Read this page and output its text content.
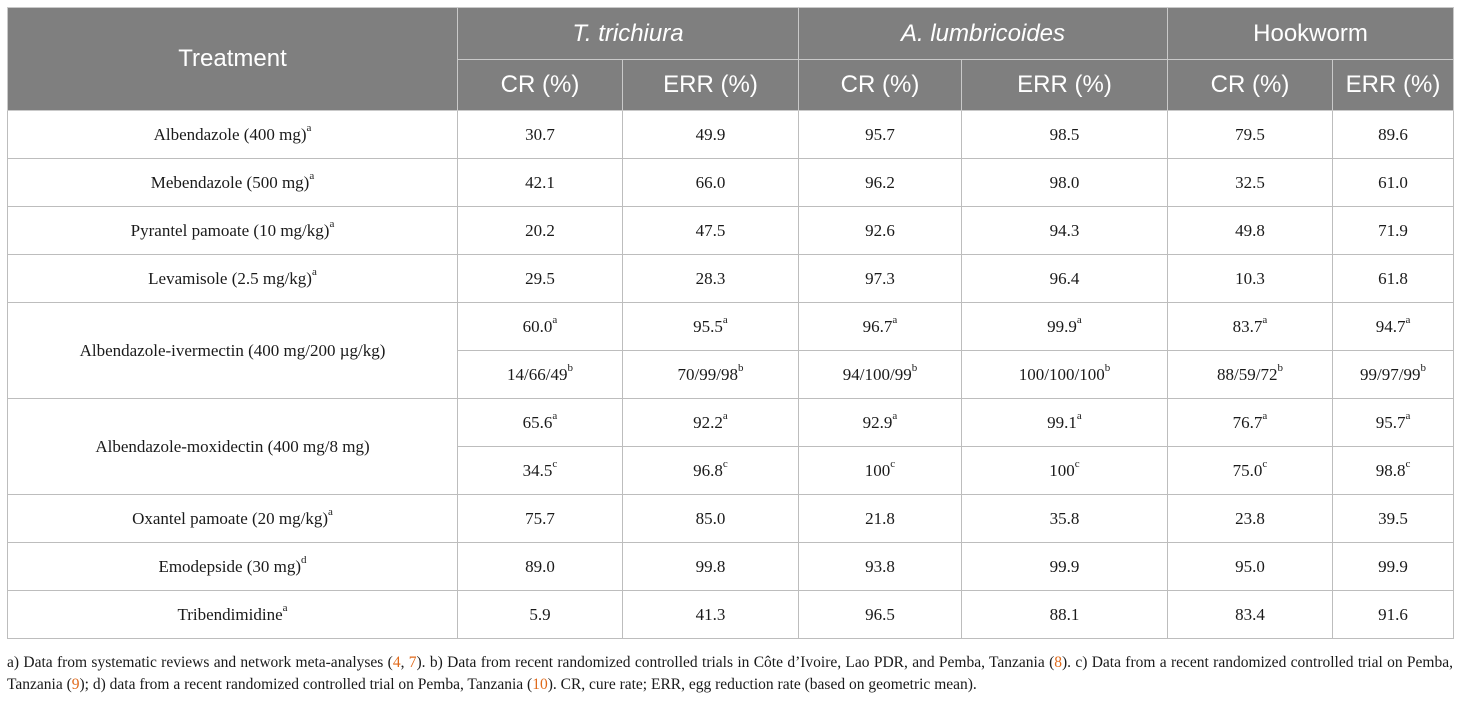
Treatment	T. trichiura		A. lumbricoides		Hookworm	
	CR (%)	ERR (%)	CR (%)	ERR (%)	CR (%)	ERR (%)
Albendazole (400 mg)$^a$	30.7	49.9	95.7	98.5	79.5	89.6
Mebendazole (500 mg)$^a$	42.1	66.0	96.2	98.0	32.5	61.0
Pyrantel pamoate (10 mg/kg)$^a$	20.2	47.5	92.6	94.3	49.8	71.9
Levamisole (2.5 mg/kg)$^a$	29.5	28.3	97.3	96.4	10.3	61.8
Albendazole-ivermectin (400 mg/200 µg/kg)	60.0$^a$	95.5$^a$	96.7$^a$	99.9$^a$	83.7$^a$	94.7$^a$
	14/66/49$^b$	70/99/98$^b$	94/100/99$^b$	100/100/100$^b$	88/59/72$^b$	99/97/99$^b$
Albendazole-moxidectin (400 mg/8 mg)	65.6$^a$	92.2$^a$	92.9$^a$	99.1$^a$	76.7$^a$	95.7$^a$
	34.5$^c$	96.8$^c$	100$^c$	100$^c$	75.0$^c$	98.8$^c$
Oxantel pamoate (20 mg/kg)$^a$	75.7	85.0	21.8	35.8	23.8	39.5
Emodepside (30 mg)$^d$	89.0	99.8	93.8	99.9	95.0	99.9
Tribendimidine$^a$	5.9	41.3	96.5	88.1	83.4	91.6
a) Data from systematic reviews and network meta-analyses (4, 7). b) Data from recent randomized controlled trials in Côte d’Ivoire, Lao PDR, and Pemba, Tanzania (8). c) Data from a recent randomized controlled trial on Pemba, Tanzania (9); d) data from a recent randomized controlled trial on Pemba, Tanzania (10). CR, cure rate; ERR, egg reduction rate (based on geometric mean).
